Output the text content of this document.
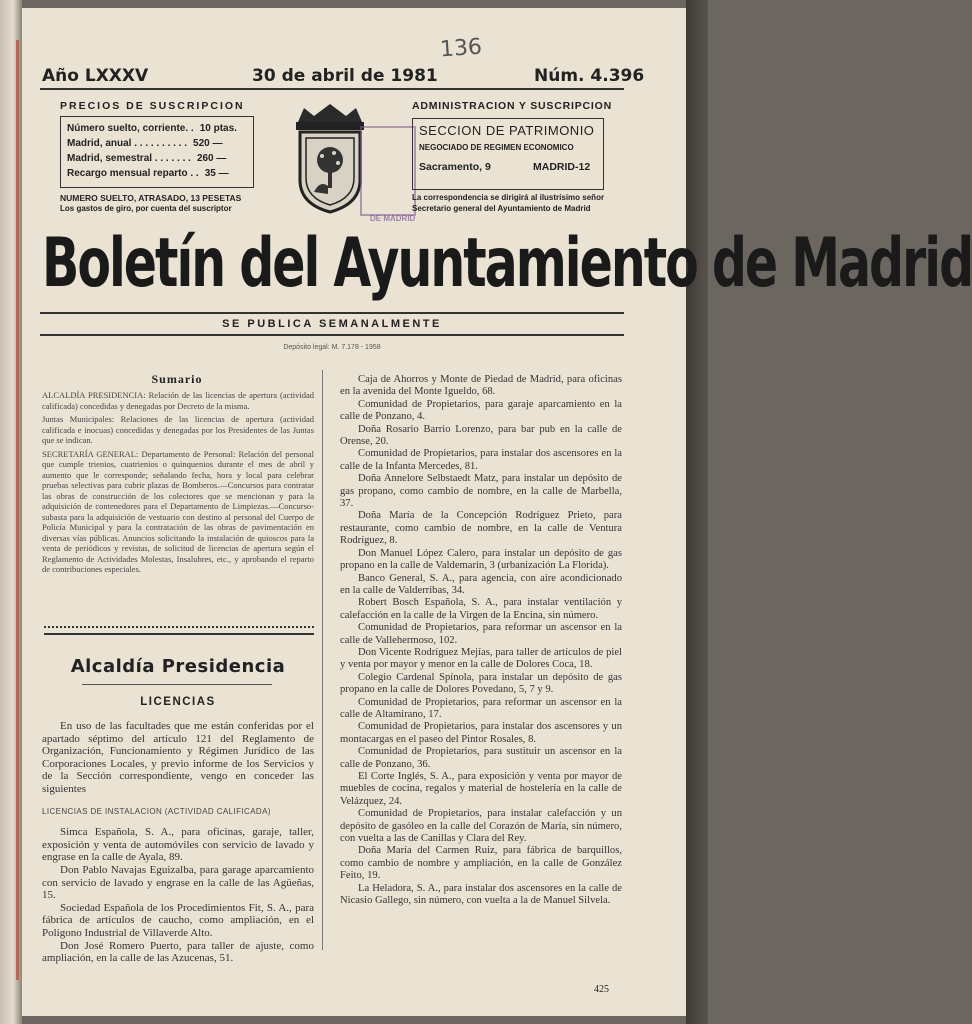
136
Año LXXXV	30 de abril de 1981	Núm. 4.396
PRECIOS DE SUSCRIPCION
Número suelto, corriente. . 10 ptas.
Madrid, anual . . . . . . . . . . 520 —
Madrid, semestral . . . . . . . 260 —
Recargo mensual reparto . . 35 —
NUMERO SUELTO, ATRASADO, 13 PESETAS
Los gastos de giro, por cuenta del suscriptor
DE MADRID
ADMINISTRACION Y SUSCRIPCION
SECCION DE PATRIMONIO
NEGOCIADO DE REGIMEN ECONOMICO
Sacramento, 9	MADRID-12
La correspondencia se dirigirá al ilustrísimo señor
Secretario general del Ayuntamiento de Madrid
Boletín del Ayuntamiento de Madrid
SE PUBLICA SEMANALMENTE
Depósito legal: M. 7.178 - 1958
Sumario

ALCALDÍA PRESIDENCIA: Relación de las licencias de apertura (actividad calificada) concedidas y denegadas por Decreto de la misma.

Juntas Municipales: Relaciones de las licencias de apertura (actividad calificada e inocuas) concedidas y denegadas por los Presidentes de las Juntas que se indican.

SECRETARÍA GENERAL: Departamento de Personal: Relación del personal que cumple trienios, cuatrienios o quinquenios durante el mes de abril y aumento que le corresponde; señalando fecha, hora y local para celebrar pruebas selectivas para cubrir plazas de Bomberos.—Concursos para contratar las obras de construcción de los colectores que se mencionan y para la adquisición de contenedores para el Departamento de Limpiezas.—Concurso-subasta para la adquisición de vestuario con destino al personal del Cuerpo de Policía Municipal y para la contratación de las obras de pavimentación en diversas vías públicas. Anuncios solicitando la instalación de quioscos para la venta de periódicos y revistas, de solicitud de licencias de apertura según el Reglamento de Actividades Molestas, Insalubres, etc., y aprobando el reparto de contribuciones especiales.

Alcaldía Presidencia
LICENCIAS

En uso de las facultades que me están conferidas por el apartado séptimo del artículo 121 del Reglamento de Organización, Funcionamiento y Régimen Jurídico de las Corporaciones Locales, y previo informe de los Servicios y de la Sección correspondiente, vengo en conceder las siguientes

LICENCIAS DE INSTALACION (ACTIVIDAD CALIFICADA)

Simca Española, S. A., para oficinas, garaje, taller, exposición y venta de automóviles con servicio de lavado y engrase en la calle de Ayala, 89.

Don Pablo Navajas Eguizalba, para garage aparcamiento con servicio de lavado y engrase en la calle de las Agüeñas, 15.

Sociedad Española de los Procedimientos Fit, S. A., para fábrica de artículos de caucho, como ampliación, en el Polígono Industrial de Villaverde Alto.

Don José Romero Puerto, para taller de ajuste, como ampliación, en la calle de las Azucenas, 51.

Caja de Ahorros y Monte de Piedad de Madrid, para oficinas en la avenida del Monte Igueldo, 68.

Comunidad de Propietarios, para garaje aparcamiento en la calle de Ponzano, 4.

Doña Rosario Barrio Lorenzo, para bar pub en la calle de Orense, 20.

Comunidad de Propietarios, para instalar dos ascensores en la calle de la Infanta Mercedes, 81.

Doña Annelore Selbstaedt Matz, para instalar un depósito de gas propano, como cambio de nombre, en la calle de Marbella, 37.

Doña María de la Concepción Rodríguez Prieto, para restaurante, como cambio de nombre, en la calle de Ventura Rodríguez, 8.

Don Manuel López Calero, para instalar un depósito de gas propano en la calle de Valdemarín, 3 (urbanización La Florida).

Banco General, S. A., para agencia, con aire acondicionado en la calle de Valderribas, 34.

Robert Bosch Española, S. A., para instalar ventilación y calefacción en la calle de la Virgen de la Encina, sin número.

Comunidad de Propietarios, para reformar un ascensor en la calle de Vallehermoso, 102.

Don Vicente Rodríguez Mejías, para taller de artículos de piel y venta por mayor y menor en la calle de Dolores Coca, 18.

Colegio Cardenal Spínola, para instalar un depósito de gas propano en la calle de Dolores Povedano, 5, 7 y 9.

Comunidad de Propietarios, para reformar un ascensor en la calle de Altamirano, 17.

Comunidad de Propietarios, para instalar dos ascensores y un montacargas en el paseo del Pintor Rosales, 8.

Comunidad de Propietarios, para sustituir un ascensor en la calle de Ponzano, 36.

El Corte Inglés, S. A., para exposición y venta por mayor de muebles de cocina, regalos y material de hostelería en la calle de Velázquez, 24.

Comunidad de Propietarios, para instalar calefacción y un depósito de gasóleo en la calle del Corazón de María, sin número, con vuelta a las de Canillas y Clara del Rey.

Doña María del Carmen Ruiz, para fábrica de barquillos, como cambio de nombre y ampliación, en la calle de González Feito, 19.

La Heladora, S. A., para instalar dos ascensores en la calle de Nicasio Gallego, sin número, con vuelta a la de Manuel Silvela.

425
